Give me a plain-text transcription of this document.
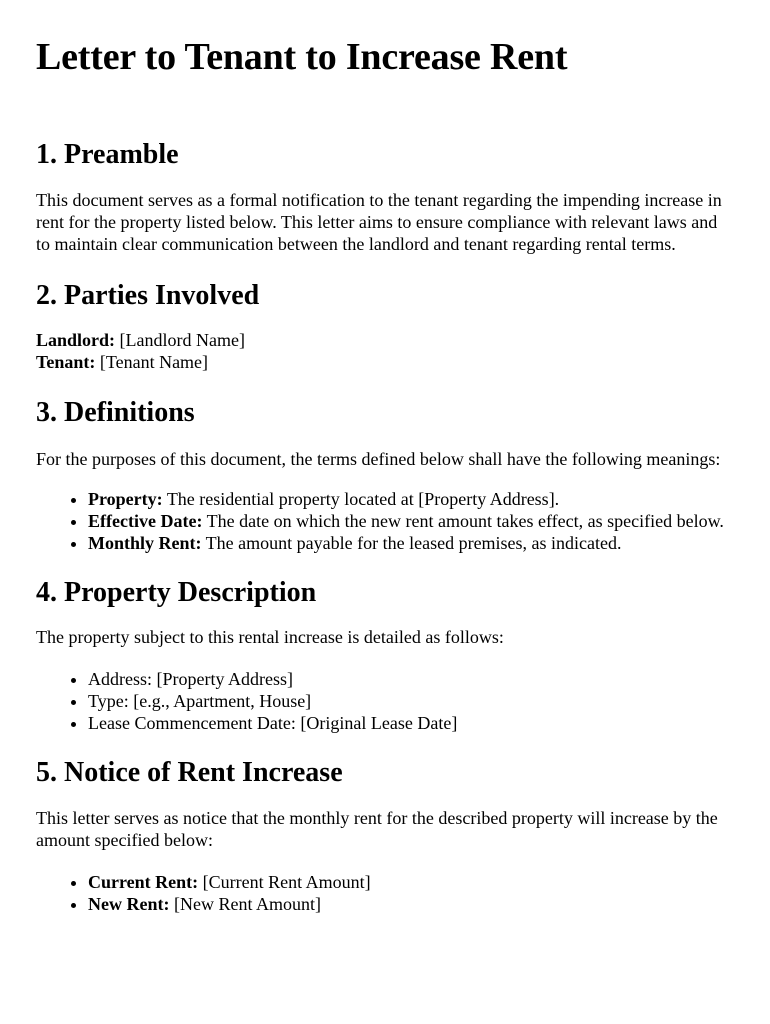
Letter to Tenant to Increase Rent
1. Preamble

This document serves as a formal notification to the tenant regarding the impending increase in rent for the property listed below. This letter aims to ensure compliance with relevant laws and to maintain clear communication between the landlord and tenant regarding rental terms.

2. Parties Involved

Landlord: [Landlord Name]
Tenant: [Tenant Name]

3. Definitions

For the purposes of this document, the terms defined below shall have the following meanings:

• Property: The residential property located at [Property Address].
• Effective Date: The date on which the new rent amount takes effect, as specified below.
• Monthly Rent: The amount payable for the leased premises, as indicated.
4. Property Description

The property subject to this rental increase is detailed as follows:

• Address: [Property Address]
• Type: [e.g., Apartment, House]
• Lease Commencement Date: [Original Lease Date]
5. Notice of Rent Increase

This letter serves as notice that the monthly rent for the described property will increase by the amount specified below:

• Current Rent: [Current Rent Amount]
• New Rent: [New Rent Amount]
